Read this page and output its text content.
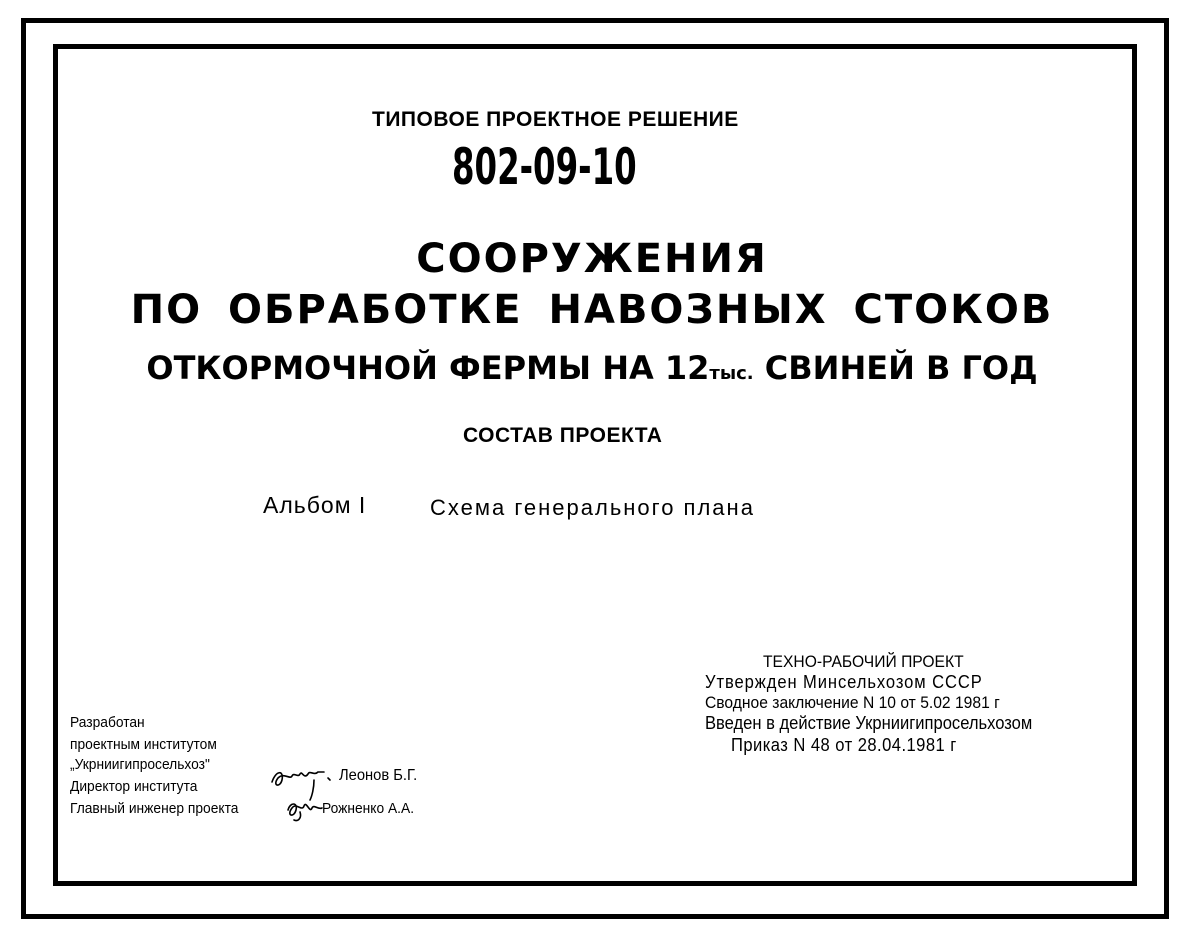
ТИПОВОЕ ПРОЕКТНОЕ РЕШЕНИЕ
802-09-10
СООРУЖЕНИЯ
ПО ОБРАБОТКЕ НАВОЗНЫХ СТОКОВ
ОТКОРМОЧНОЙ ФЕРМЫ НА 12тыс. СВИНЕЙ В ГОД
СОСТАВ ПРОЕКТА
Альбом I	Схема генерального плана
ТЕХНО-РАБОЧИЙ ПРОЕКТ
Утвержден Минсельхозом СССР
Сводное заключение N 10 от 5.02 1981 г
Введен в действие Укрниигипросельхозом
Приказ N 48 от 28.04.1981 г
Разработан
проектным институтом
„Укрниигипросельхоз"
Директор института
Леонов Б.Г.
Главный инженер проекта	Рожненко А.А.
